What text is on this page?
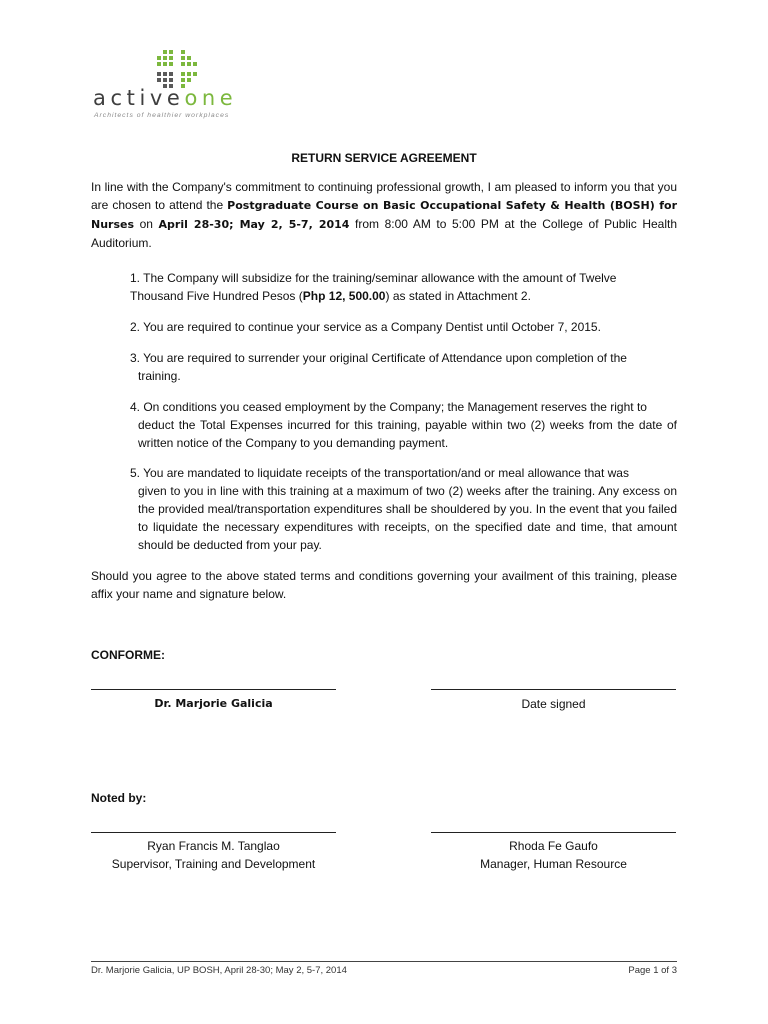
activeone
Architects of healthier workplaces
RETURN SERVICE AGREEMENT
In line with the Company's commitment to continuing professional growth, I am pleased to inform you that you are chosen to attend the Postgraduate Course on Basic Occupational Safety & Health (BOSH) for Nurses on April 28-30; May 2, 5-7, 2014 from 8:00 AM to 5:00 PM at the College of Public Health Auditorium.
1. The Company will subsidize for the training/seminar allowance with the amount of Twelve
Thousand Five Hundred Pesos (Php 12, 500.00) as stated in Attachment 2.
2. You are required to continue your service as a Company Dentist until October 7, 2015.
3. You are required to surrender your original Certificate of Attendance upon completion of the
training.
4. On conditions you ceased employment by the Company; the Management reserves the right to
deduct the Total Expenses incurred for this training, payable within two (2) weeks from the date of written notice of the Company to you demanding payment.
5. You are mandated to liquidate receipts of the transportation/and or meal allowance that was
given to you in line with this training at a maximum of two (2) weeks after the training. Any excess on the provided meal/transportation expenditures shall be shouldered by you. In the event that you failed to liquidate the necessary expenditures with receipts, on the specified date and time, that amount should be deducted from your pay.
Should you agree to the above stated terms and conditions governing your availment of this training, please affix your name and signature below.
CONFORME:
Dr. Marjorie Galicia	Date signed
Noted by:
Ryan Francis M. Tanglao
Supervisor, Training and Development
Rhoda Fe Gaufo
Manager, Human Resource
Dr. Marjorie Galicia, UP BOSH, April 28-30; May 2, 5-7, 2014	Page 1 of 3
